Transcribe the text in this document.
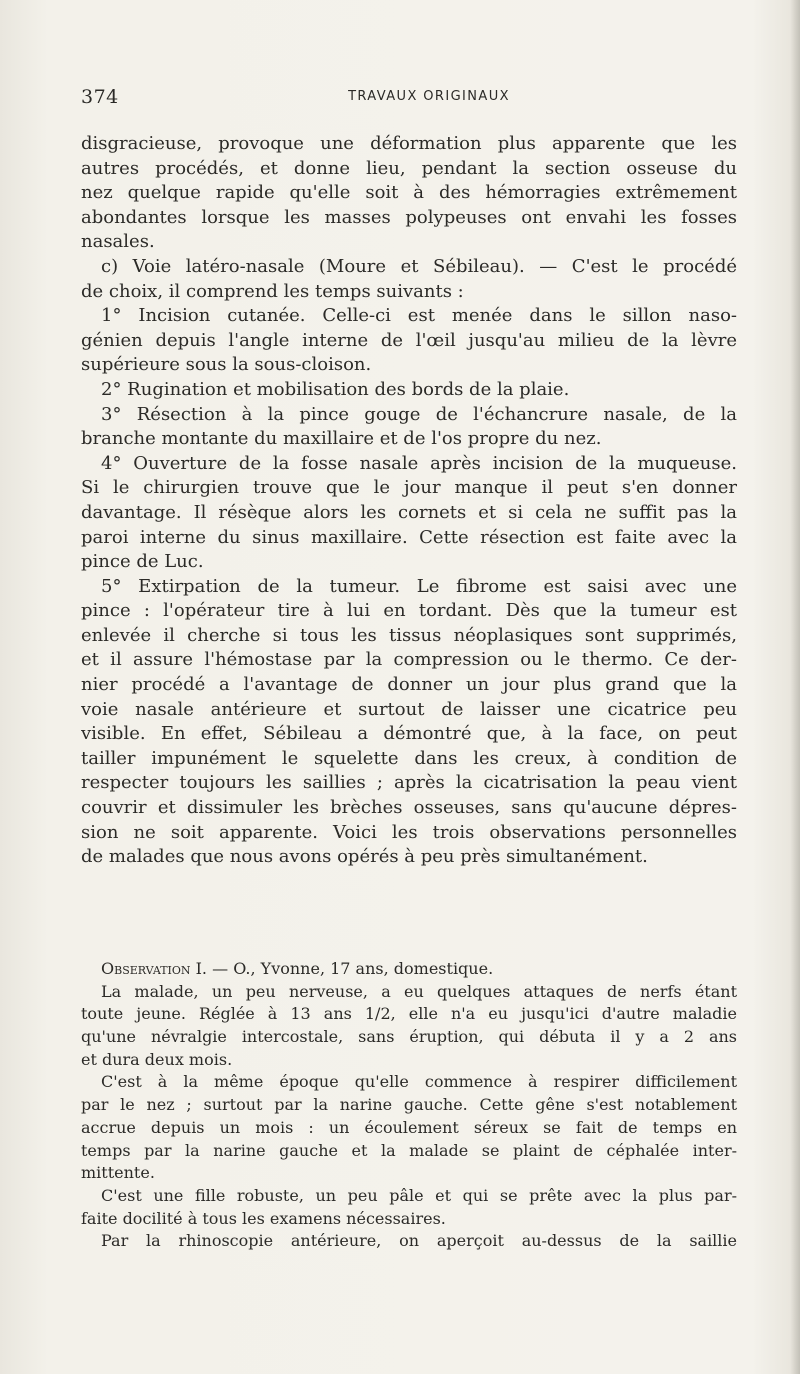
374	TRAVAUX ORIGINAUX
disgracieuse, provoque une déformation plus apparente que les
autres procédés, et donne lieu, pendant la section osseuse du
nez quelque rapide qu'elle soit à des hémorragies extrêmement
abondantes lorsque les masses polypeuses ont envahi les fosses
nasales.
c) Voie latéro-nasale (Moure et Sébileau). — C'est le procédé
de choix, il comprend les temps suivants :
1° Incision cutanée. Celle-ci est menée dans le sillon naso-
génien depuis l'angle interne de l'œil jusqu'au milieu de la lèvre
supérieure sous la sous-cloison.
2° Rugination et mobilisation des bords de la plaie.
3° Résection à la pince gouge de l'échancrure nasale, de la
branche montante du maxillaire et de l'os propre du nez.
4° Ouverture de la fosse nasale après incision de la muqueuse.
Si le chirurgien trouve que le jour manque il peut s'en donner
davantage. Il résèque alors les cornets et si cela ne suffit pas la
paroi interne du sinus maxillaire. Cette résection est faite avec la
pince de Luc.
5° Extirpation de la tumeur. Le fibrome est saisi avec une
pince : l'opérateur tire à lui en tordant. Dès que la tumeur est
enlevée il cherche si tous les tissus néoplasiques sont supprimés,
et il assure l'hémostase par la compression ou le thermo. Ce der-
nier procédé a l'avantage de donner un jour plus grand que la
voie nasale antérieure et surtout de laisser une cicatrice peu
visible. En effet, Sébileau a démontré que, à la face, on peut
tailler impunément le squelette dans les creux, à condition de
respecter toujours les saillies ; après la cicatrisation la peau vient
couvrir et dissimuler les brèches osseuses, sans qu'aucune dépres-
sion ne soit apparente. Voici les trois observations personnelles
de malades que nous avons opérés à peu près simultanément.
Observation I. — O., Yvonne, 17 ans, domestique.
La malade, un peu nerveuse, a eu quelques attaques de nerfs étant
toute jeune. Réglée à 13 ans 1/2, elle n'a eu jusqu'ici d'autre maladie
qu'une névralgie intercostale, sans éruption, qui débuta il y a 2 ans
et dura deux mois.
C'est à la même époque qu'elle commence à respirer difficilement
par le nez ; surtout par la narine gauche. Cette gêne s'est notablement
accrue depuis un mois : un écoulement séreux se fait de temps en
temps par la narine gauche et la malade se plaint de céphalée inter-
mittente.
C'est une fille robuste, un peu pâle et qui se prête avec la plus par-
faite docilité à tous les examens nécessaires.
Par la rhinoscopie antérieure, on aperçoit au-dessus de la saillie
